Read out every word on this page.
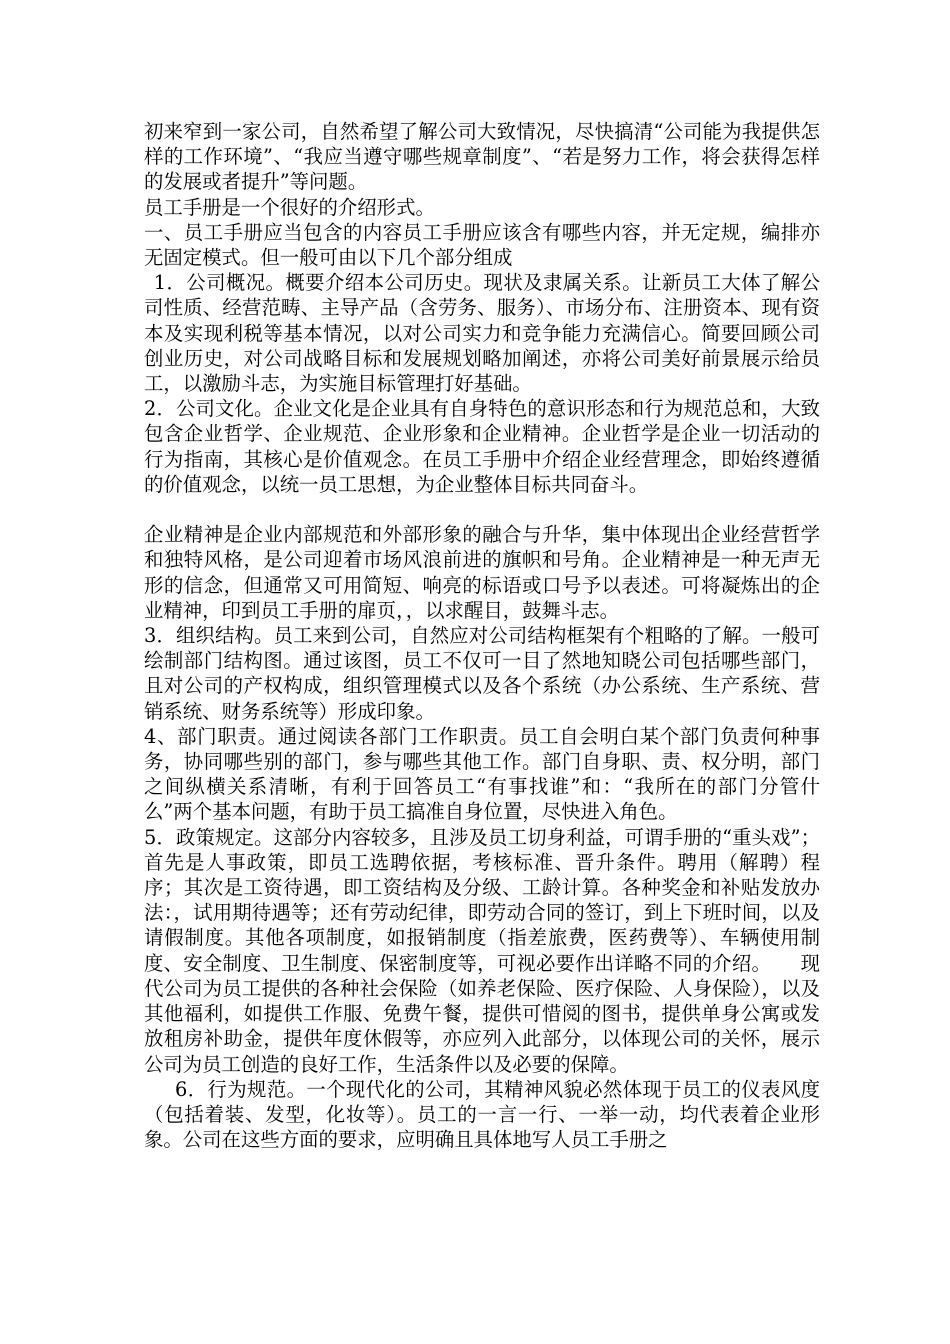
初来窄到一家公司，自然希望了解公司大致情况，尽快搞清“公司能为我提供怎样的工作环境”、“我应当遵守哪些规章制度”、“若是努力工作，将会获得怎样的发展或者提升”等问题。

员工手册是一个很好的介绍形式。

一、员工手册应当包含的内容员工手册应该含有哪些内容，并无定规，编排亦无固定模式。但一般可由以下几个部分组成

1．公司概况。概要介绍本公司历史。现状及隶属关系。让新员工大体了解公司性质、经营范畴、主导产品（含劳务、服务）、市场分布、注册资本、现有资本及实现利税等基本情况，以对公司实力和竞争能力充满信心。简要回顾公司创业历史，对公司战略目标和发展规划略加阐述，亦将公司美好前景展示给员工，以激励斗志，为实施目标管理打好基础。

2．公司文化。企业文化是企业具有自身特色的意识形态和行为规范总和，大致包含企业哲学、企业规范、企业形象和企业精神。企业哲学是企业一切活动的行为指南，其核心是价值观念。在员工手册中介绍企业经营理念，即始终遵循的价值观念，以统一员工思想，为企业整体目标共同奋斗。

企业精神是企业内部规范和外部形象的融合与升华，集中体现出企业经营哲学和独特风格，是公司迎着市场风浪前进的旗帜和号角。企业精神是一种无声无形的信念，但通常又可用简短、响亮的标语或口号予以表述。可将凝炼出的企业精神，印到员工手册的扉页，，以求醒目，鼓舞斗志。

3．组织结构。员工来到公司，自然应对公司结构框架有个粗略的了解。一般可绘制部门结构图。通过该图，员工不仅可一目了然地知晓公司包括哪些部门，且对公司的产权构成，组织管理模式以及各个系统（办公系统、生产系统、营销系统、财务系统等）形成印象。

4、部门职责。通过阅读各部门工作职责。员工自会明白某个部门负责何种事务，协同哪些别的部门，参与哪些其他工作。部门自身职、责、权分明，部门之间纵横关系清晰，有利于回答员工“有事找谁”和：“我所在的部门分管什么”两个基本问题，有助于员工搞准自身位置，尽快进入角色。

5．政策规定。这部分内容较多，且涉及员工切身利益，可谓手册的“重头戏”；首先是人事政策，即员工选聘依据，考核标准、晋升条件。聘用（解聘）程序；其次是工资待遇，即工资结构及分级、工龄计算。各种奖金和补贴发放办法：，试用期待遇等；还有劳动纪律，即劳动合同的签订，到上下班时间，以及请假制度。其他各项制度，如报销制度（指差旅费，医药费等）、车辆使用制度、安全制度、卫生制度、保密制度等，可视必要作出详略不同的介绍。　　现代公司为员工提供的各种社会保险（如养老保险、医疗保险、人身保险），以及其他福利，如提供工作服、免费午餐，提供可惜阅的图书，提供单身公寓或发放租房补助金，提供年度休假等，亦应列入此部分，以体现公司的关怀，展示公司为员工创造的良好工作，生活条件以及必要的保障。

6．行为规范。一个现代化的公司，其精神风貌必然体现于员工的仪表风度（包括着装、发型，化妆等）。员工的一言一行、一举一动，均代表着企业形象。公司在这些方面的要求，应明确且具体地写人员工手册之
